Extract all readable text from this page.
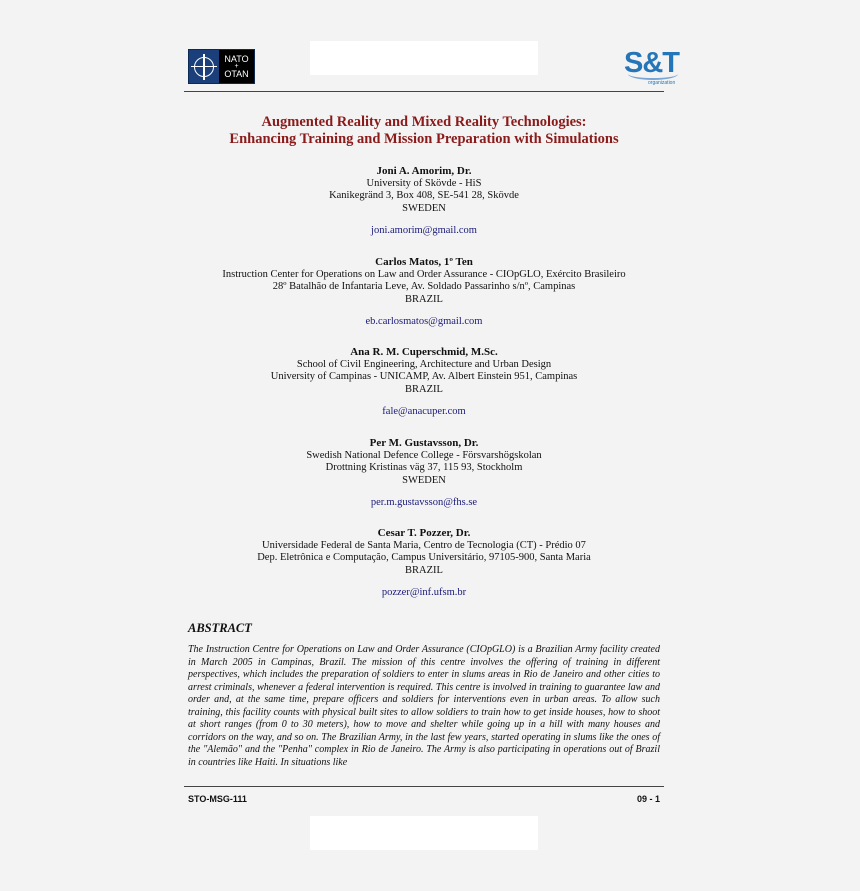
NATO
+
OTAN	S&T
organization
Augmented Reality and Mixed Reality Technologies:
Enhancing Training and Mission Preparation with Simulations
Joni A. Amorim, Dr.
University of Skövde - HiS
Kanikegränd 3, Box 408, SE-541 28, Skövde
SWEDEN
joni.amorim@gmail.com
Carlos Matos, 1º Ten
Instruction Center for Operations on Law and Order Assurance - CIOpGLO, Exército Brasileiro
28º Batalhão de Infantaria Leve, Av. Soldado Passarinho s/nº, Campinas
BRAZIL
eb.carlosmatos@gmail.com
Ana R. M. Cuperschmid, M.Sc.
School of Civil Engineering, Architecture and Urban Design
University of Campinas - UNICAMP, Av. Albert Einstein 951, Campinas
BRAZIL
fale@anacuper.com
Per M. Gustavsson, Dr.
Swedish National Defence College - Försvarshögskolan
Drottning Kristinas väg 37, 115 93, Stockholm
SWEDEN
per.m.gustavsson@fhs.se
Cesar T. Pozzer, Dr.
Universidade Federal de Santa Maria, Centro de Tecnologia (CT) - Prédio 07
Dep. Eletrônica e Computação, Campus Universitário, 97105-900, Santa Maria
BRAZIL
pozzer@inf.ufsm.br
ABSTRACT
The Instruction Centre for Operations on Law and Order Assurance (CIOpGLO) is a Brazilian Army facility created in March 2005 in Campinas, Brazil. The mission of this centre involves the offering of training in different perspectives, which includes the preparation of soldiers to enter in slums areas in Rio de Janeiro and other cities to arrest criminals, whenever a federal intervention is required. This centre is involved in training to guarantee law and order and, at the same time, prepare officers and soldiers for interventions even in urban areas. To allow such training, this facility counts with physical built sites to allow soldiers to train how to get inside houses, how to shoot at short ranges (from 0 to 30 meters), how to move and shelter while going up in a hill with many houses and corridors on the way, and so on. The Brazilian Army, in the last few years, started operating in slums like the ones of the "Alemão" and the "Penha" complex in Rio de Janeiro. The Army is also participating in operations out of Brazil in countries like Haiti. In situations like
STO-MSG-111	09 - 1
